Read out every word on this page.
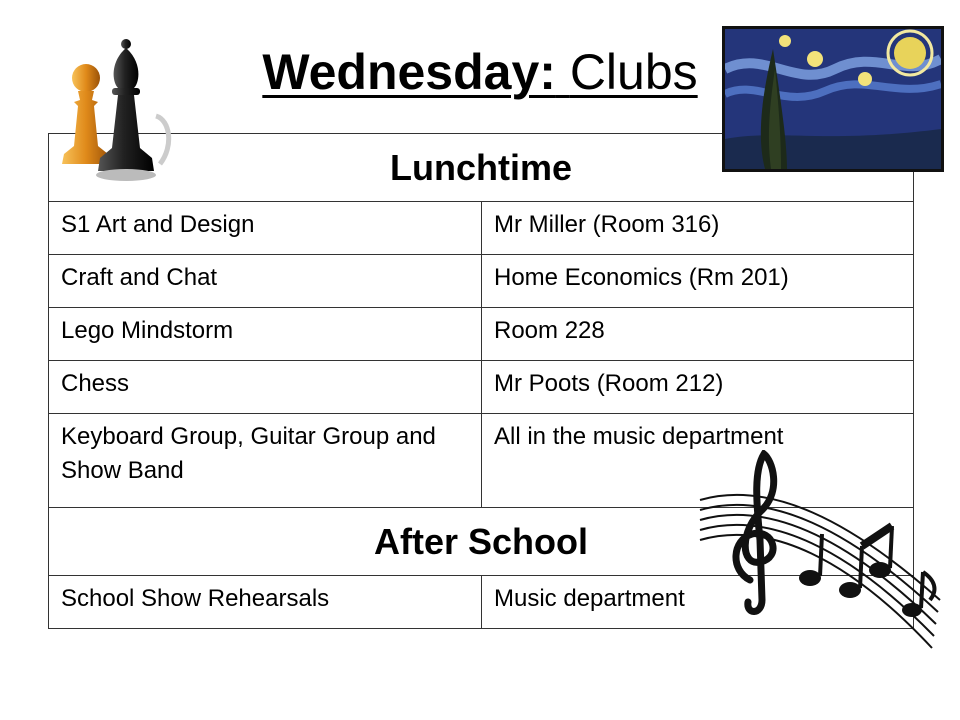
Wednesday: Clubs
Lunchtime	
S1 Art and Design	Mr Miller (Room 316)
Craft and Chat	Home Economics (Rm 201)
Lego Mindstorm	Room 228
Chess	Mr Poots (Room 212)
Keyboard Group, Guitar Group and Show Band	All in the music department
After School	
School Show Rehearsals	Music department
